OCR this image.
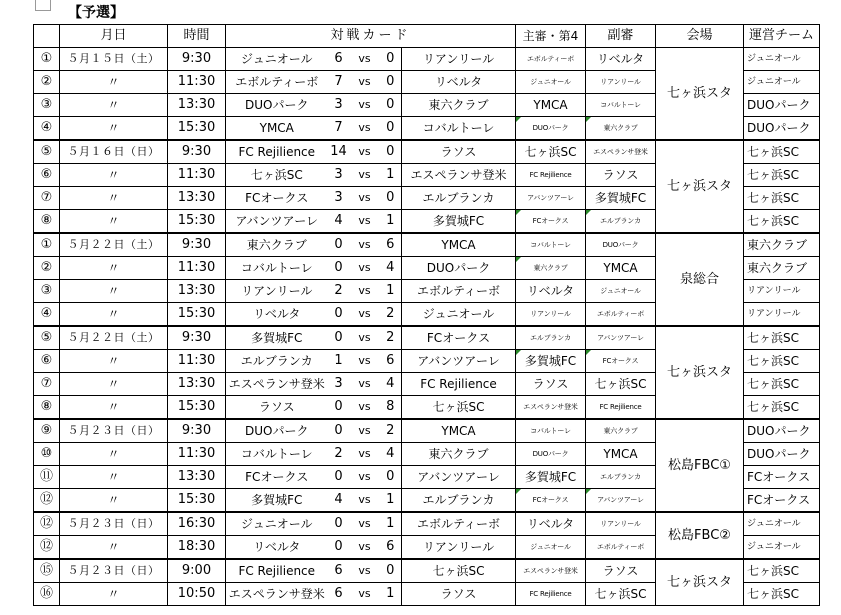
【予選】
	月日	時間	対戦カード					主審・第4	副審	会場	運営チーム
①	５月１５日（土）	9:30	ジュニオール	6	vs	0	リアンリール	エボルティーボ	リベルタ	七ヶ浜スタ	ジュニオール
②	〃	11:30	エボルティーボ	7	vs	0	リベルタ	ジュニオール	リアンリール		ジュニオール
③	〃	13:30	DUOパーク	3	vs	0	東六クラブ	YMCA	コバルトーレ		DUOパーク
④	〃	15:30	YMCA	7	vs	0	コバルトーレ	DUOパーク	東六クラブ		DUOパーク
⑤	５月１６日（日）	9:30	FC Rejilience	14	vs	0	ラソス	七ヶ浜SC	エスペランサ登米	七ヶ浜スタ	七ヶ浜SC
⑥	〃	11:30	七ヶ浜SC	3	vs	1	エスペランサ登米	FC Rejilience	ラソス		七ヶ浜SC
⑦	〃	13:30	FCオークス	3	vs	0	エルブランカ	アバンツアーレ	多賀城FC		七ヶ浜SC
⑧	〃	15:30	アバンツアーレ	4	vs	1	多賀城FC	FCオークス	エルブランカ		七ヶ浜SC
①	５月２２日（土）	9:30	東六クラブ	0	vs	6	YMCA	コバルトーレ	DUOパーク	泉総合	東六クラブ
②	〃	11:30	コバルトーレ	0	vs	4	DUOパーク	東六クラブ	YMCA		東六クラブ
③	〃	13:30	リアンリール	2	vs	1	エボルティーボ	リベルタ	ジュニオール		リアンリール
④	〃	15:30	リベルタ	0	vs	2	ジュニオール	リアンリール	エボルティーボ		リアンリール
⑤	５月２２日（土）	9:30	多賀城FC	0	vs	2	FCオークス	エルブランカ	アバンツアーレ	七ヶ浜スタ	七ヶ浜SC
⑥	〃	11:30	エルブランカ	1	vs	6	アバンツアーレ	多賀城FC	FCオークス		七ヶ浜SC
⑦	〃	13:30	エスペランサ登米	3	vs	4	FC Rejilience	ラソス	七ヶ浜SC		七ヶ浜SC
⑧	〃	15:30	ラソス	0	vs	8	七ヶ浜SC	エスペランサ登米	FC Rejilience		七ヶ浜SC
⑨	５月２３日（日）	9:30	DUOパーク	0	vs	2	YMCA	コバルトーレ	東六クラブ	松島FBC①	DUOパーク
⑩	〃	11:30	コバルトーレ	2	vs	4	東六クラブ	DUOパーク	YMCA		DUOパーク
⑪	〃	13:30	FCオークス	0	vs	0	アバンツアーレ	多賀城FC	エルブランカ		FCオークス
⑫	〃	15:30	多賀城FC	4	vs	1	エルブランカ	FCオークス	アバンツアーレ		FCオークス
⑫	５月２３日（日）	16:30	ジュニオール	0	vs	1	エボルティーボ	リベルタ	リアンリール	松島FBC②	ジュニオール
⑫	〃	18:30	リベルタ	0	vs	6	リアンリール	ジュニオール	エボルティーボ		ジュニオール
⑮	５月２３日（日）	9:00	FC Rejilience	6	vs	0	七ヶ浜SC	エスペランサ登米	ラソス	七ヶ浜スタ	七ヶ浜SC
⑯	〃	10:50	エスペランサ登米	6	vs	1	ラソス	FC Rejilience	七ヶ浜SC		七ヶ浜SC
